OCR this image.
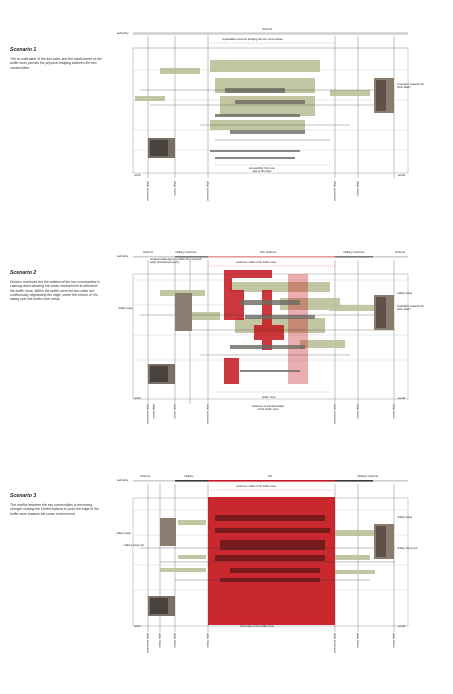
Scenario 1
The re-unification of the two sides and the abolishment of the buffer zone permits the physical bridging between the two communities.
authority
citizens
expandable structure bridging the two communities
expansion towards the other fabric
accessibility from one side to the other
north	south
edge preserved	edge frozen	edge preserved	edge preserved	edge frozen
Scenario 2
Division continues but the relation of the two communities is calming down allowing the urban environment to intervene the buffer zone. Within the buffer zone the two sides are continuously negotiating the edge, under the control of UN, taking over the buffer zone areas.
authority
citizens	military/ citizens	UN/ citizens	military/ citizens	citizens
programmable layering within the proposed edge (transitional space)	maximum width of the buffer zone
military keep
military keep
expansion towards the other fabric
buffer zone
instances of transformation of the buffer zone
north	south
edge preserved edge frozen	edge frozen	edge preserved	edge preserved	edge frozen	edge frozen
Scenario 3
The conflict between the two communities is becoming stronger making the United Nations to push the edge of the buffer zone towards the urban environment
authority
citizens	military	UN	military/ citizens
maximum width of the buffer zone
military keep
military living unit
military keep
military living unit
strict edge of the buffer zone
north	south
edge preserved	edge frozen	edge frozen	edge frozen	edge preserved	edge frozen	edge frozen
